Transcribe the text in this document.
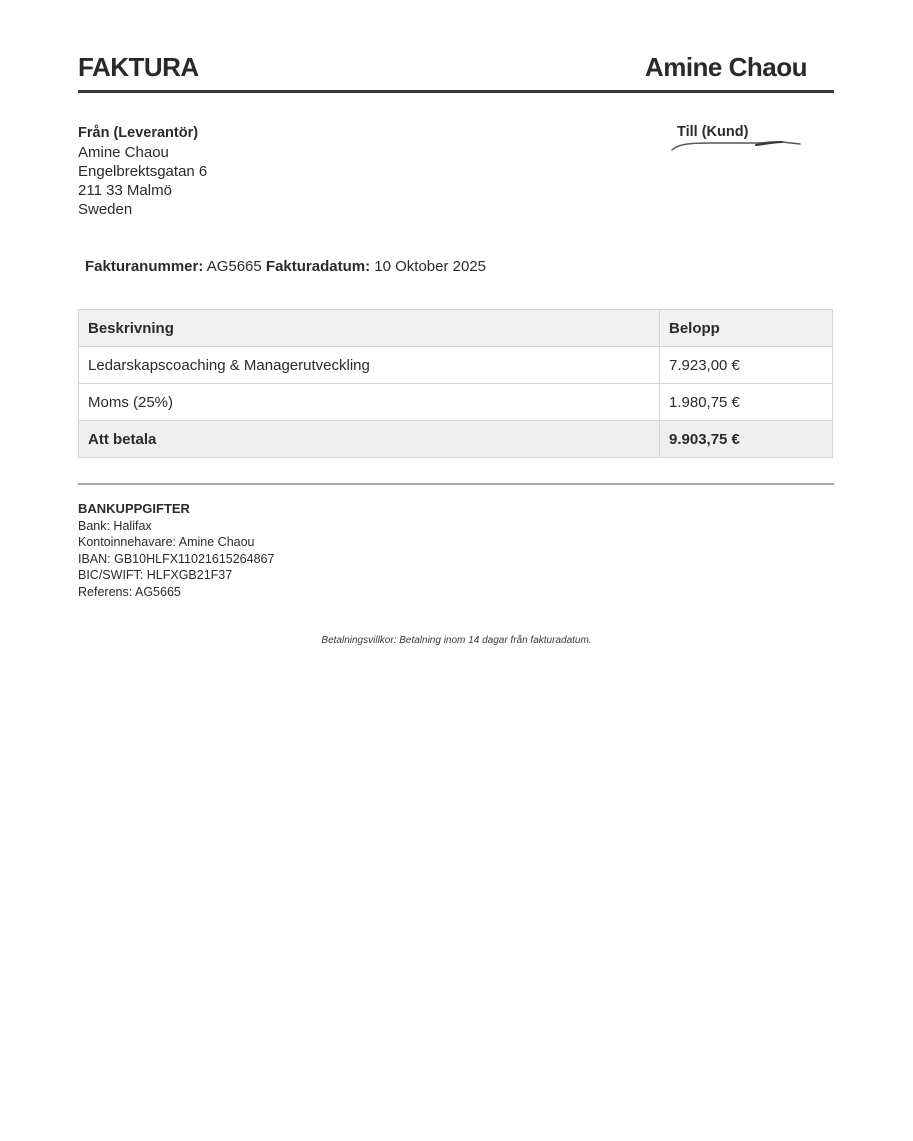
FAKTURA	Amine Chaou
Från (Leverantör)
Amine Chaou
Engelbrektsgatan 6
211 33 Malmö
Sweden
Till (Kund)
Fakturanummer: AG5665 Fakturadatum: 10 Oktober 2025
Beskrivning	Belopp
Ledarskapscoaching & Managerutveckling	7.923,00 €
Moms (25%)	1.980,75 €
Att betala	9.903,75 €
BANKUPPGIFTER
Bank: Halifax
Kontoinnehavare: Amine Chaou
IBAN: GB10HLFX11021615264867
BIC/SWIFT: HLFXGB21F37
Referens: AG5665
Betalningsvillkor: Betalning inom 14 dagar från fakturadatum.
